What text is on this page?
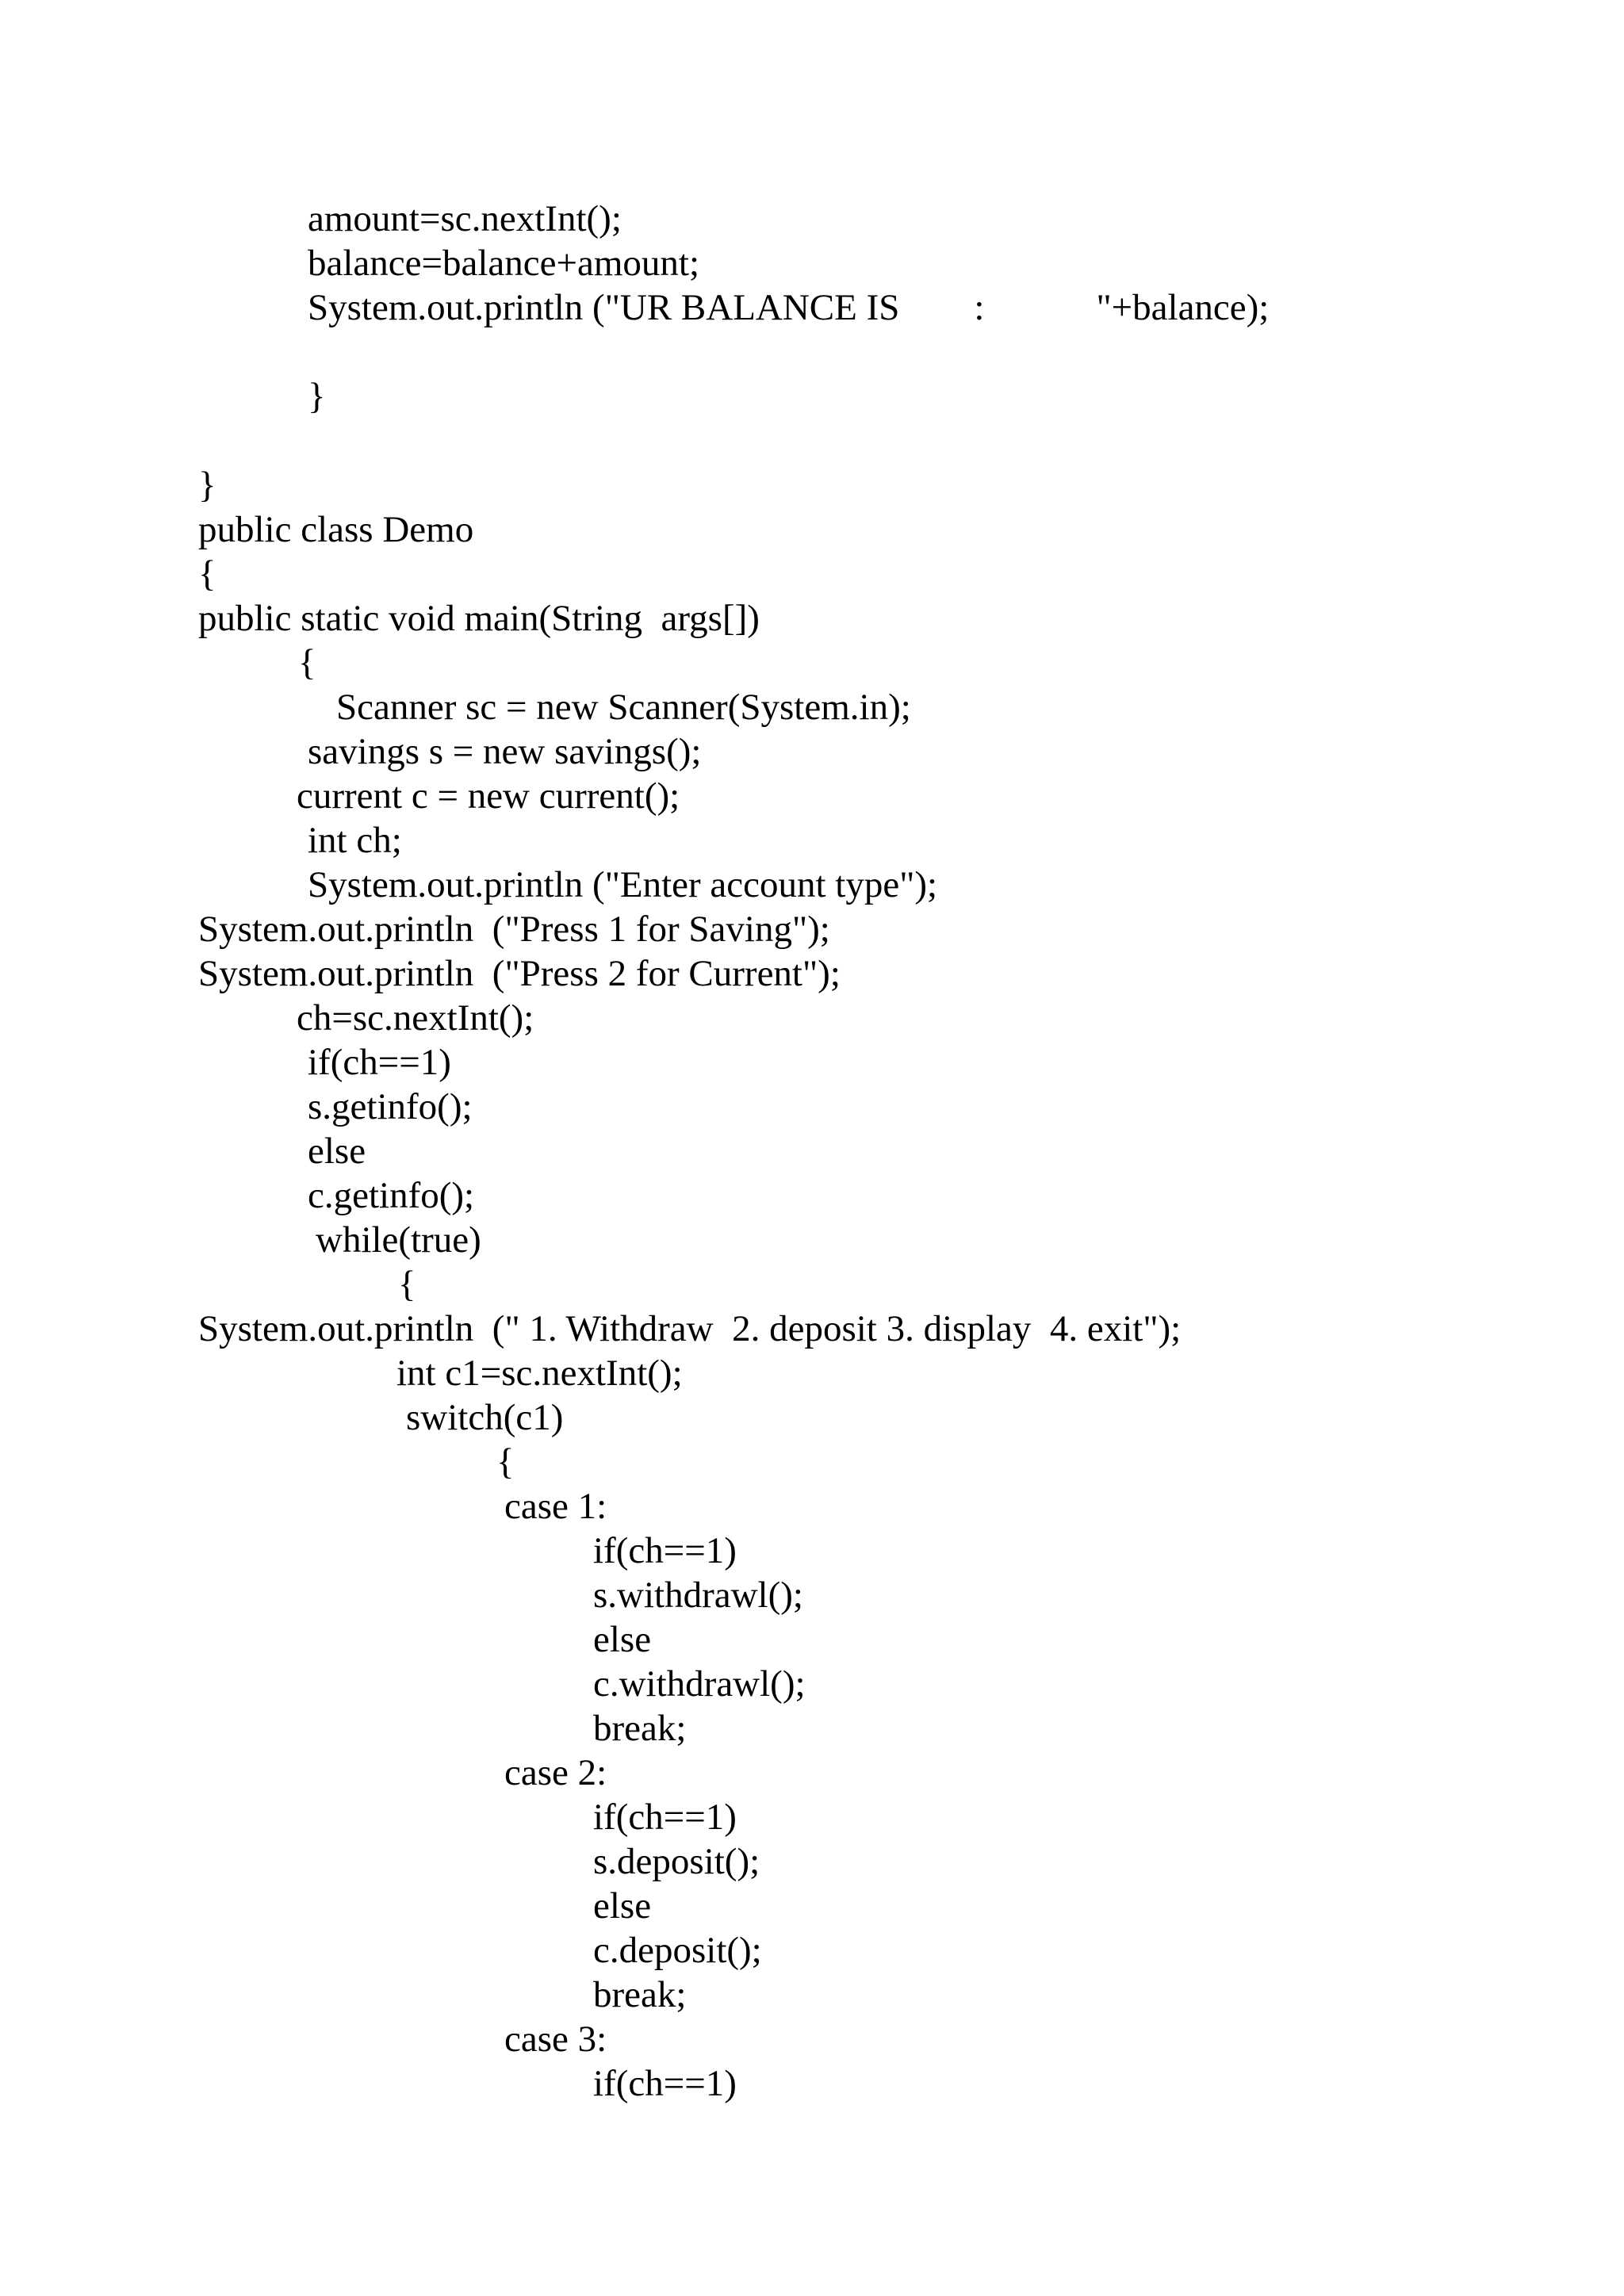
amount=sc.nextInt();

balance=balance+amount;

System.out.println ("UR BALANCE IS        :            "+balance);

}

}

public class Demo

{

public static void main(String  args[])

{

Scanner sc = new Scanner(System.in);

savings s = new savings();

current c = new current();

int ch;

System.out.println ("Enter account type");

System.out.println  ("Press 1 for Saving");

System.out.println  ("Press 2 for Current");

ch=sc.nextInt();

if(ch==1)

s.getinfo();

else

c.getinfo();

while(true)

{

System.out.println  (" 1. Withdraw  2. deposit 3. display  4. exit");

int c1=sc.nextInt();

switch(c1)

{

case 1:

if(ch==1)

s.withdrawl();

else

c.withdrawl();

break;

case 2:

if(ch==1)

s.deposit();

else

c.deposit();

break;

case 3:

if(ch==1)
